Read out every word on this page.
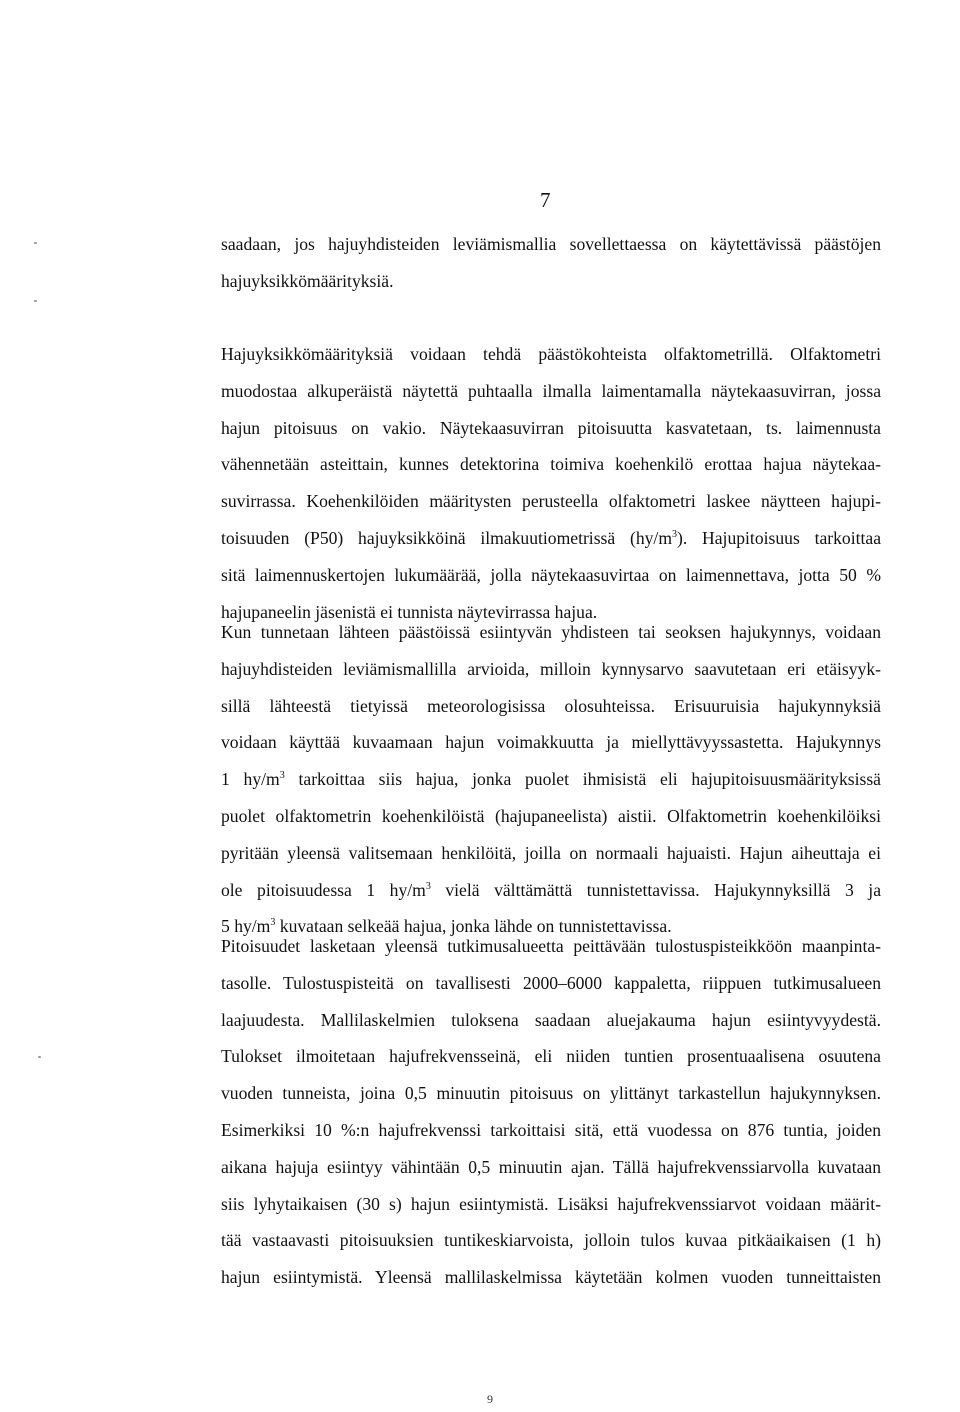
7
saadaan, jos hajuyhdisteiden leviämismallia sovellettaessa on käytettävissä päästöjen
hajuyksikkömäärityksiä.
Hajuyksikkömäärityksiä voidaan tehdä päästökohteista olfaktometrillä. Olfaktometri
muodostaa alkuperäistä näytettä puhtaalla ilmalla laimentamalla näytekaasuvirran, jossa
hajun pitoisuus on vakio. Näytekaasuvirran pitoisuutta kasvatetaan, ts. laimennusta
vähennetään asteittain, kunnes detektorina toimiva koehenkilö erottaa hajua näytekaa-
suvirrassa. Koehenkilöiden määritysten perusteella olfaktometri laskee näytteen hajupi-
toisuuden (P50) hajuyksikköinä ilmakuutiometrissä $(hy/m^3)$. Hajupitoisuus tarkoittaa
sitä laimennuskertojen lukumäärää, jolla näytekaasuvirtaa on laimennettava, jotta 50 %
hajupaneelin jäsenistä ei tunnista näytevirrassa hajua.
Kun tunnetaan lähteen päästöissä esiintyvän yhdisteen tai seoksen hajukynnys, voidaan
hajuyhdisteiden leviämismallilla arvioida, milloin kynnysarvo saavutetaan eri etäisyyk-
sillä lähteestä tietyissä meteorologisissa olosuhteissa. Erisuuruisia hajukynnyksiä
voidaan käyttää kuvaamaan hajun voimakkuutta ja miellyttävyyssastetta. Hajukynnys
1 $hy/m^3$ tarkoittaa siis hajua, jonka puolet ihmisistä eli hajupitoisuusmäärityksissä
puolet olfaktometrin koehenkilöistä (hajupaneelista) aistii. Olfaktometrin koehenkilöiksi
pyritään yleensä valitsemaan henkilöitä, joilla on normaali hajuaisti. Hajun aiheuttaja ei
ole pitoisuudessa 1 $hy/m^3$ vielä välttämättä tunnistettavissa. Hajukynnyksillä 3 ja
5 $hy/m^3$ kuvataan selkeää hajua, jonka lähde on tunnistettavissa.
Pitoisuudet lasketaan yleensä tutkimusalueetta peittävään tulostuspisteikköön maanpinta-
tasolle. Tulostuspisteitä on tavallisesti 2000–6000 kappaletta, riippuen tutkimusalueen
laajuudesta. Mallilaskelmien tuloksena saadaan aluejakauma hajun esiintyvyydestä.
Tulokset ilmoitetaan hajufrekvensseinä, eli niiden tuntien prosentuaalisena osuutena
vuoden tunneista, joina 0,5 minuutin pitoisuus on ylittänyt tarkastellun hajukynnyksen.
Esimerkiksi 10 %:n hajufrekvenssi tarkoittaisi sitä, että vuodessa on 876 tuntia, joiden
aikana hajuja esiintyy vähintään 0,5 minuutin ajan. Tällä hajufrekvenssiarvolla kuvataan
siis lyhytaikaisen (30 s) hajun esiintymistä. Lisäksi hajufrekvenssiarvot voidaan määrit-
tää vastaavasti pitoisuuksien tuntikeskiarvoista, jolloin tulos kuvaa pitkäaikaisen (1 h)
hajun esiintymistä. Yleensä mallilaskelmissa käytetään kolmen vuoden tunneittaisten
9
